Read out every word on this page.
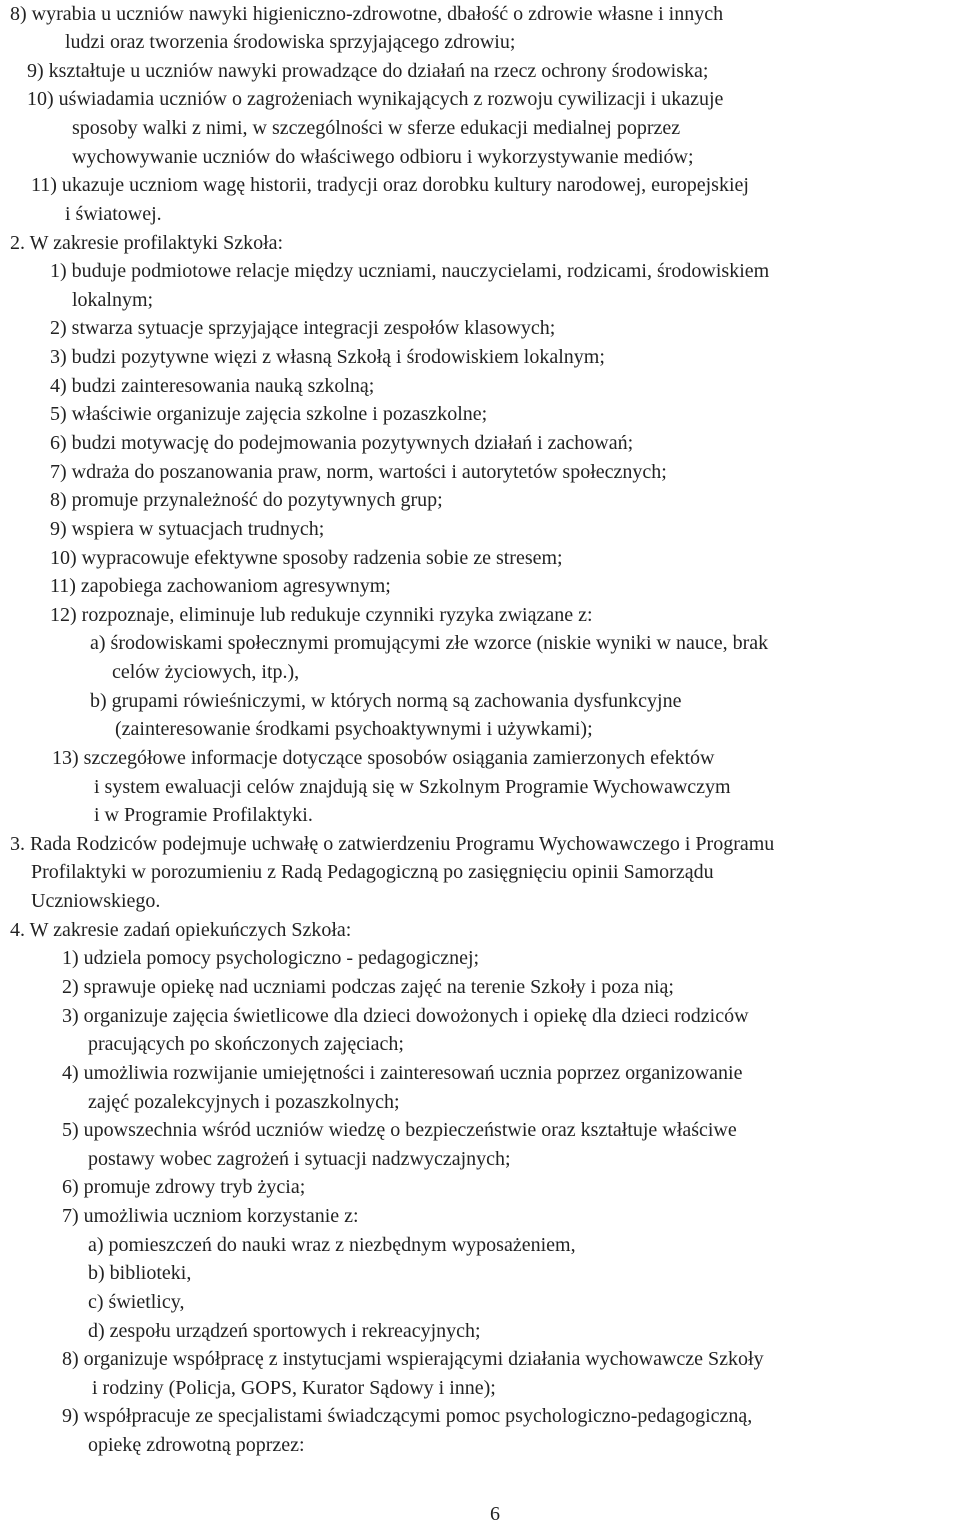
8) wyrabia u uczniów nawyki higieniczno-zdrowotne, dbałość o zdrowie własne i innych

ludzi oraz tworzenia środowiska sprzyjającego zdrowiu;

9) kształtuje u uczniów nawyki prowadzące do działań na rzecz ochrony środowiska;

10) uświadamia uczniów o zagrożeniach wynikających z rozwoju cywilizacji i ukazuje

sposoby walki z nimi, w szczególności w sferze edukacji medialnej poprzez

wychowywanie uczniów do właściwego odbioru i wykorzystywanie mediów;

11) ukazuje uczniom wagę historii, tradycji oraz dorobku kultury narodowej, europejskiej

i światowej.

2. W zakresie profilaktyki Szkoła:

1) buduje podmiotowe relacje między uczniami, nauczycielami, rodzicami, środowiskiem

lokalnym;

2) stwarza sytuacje sprzyjające integracji zespołów klasowych;

3) budzi pozytywne więzi z własną Szkołą i środowiskiem lokalnym;

4) budzi zainteresowania nauką szkolną;

5) właściwie organizuje zajęcia szkolne i pozaszkolne;

6) budzi motywację do podejmowania pozytywnych działań i zachowań;

7) wdraża do poszanowania praw, norm, wartości i autorytetów społecznych;

8) promuje przynależność do pozytywnych grup;

9) wspiera w sytuacjach trudnych;

10) wypracowuje efektywne sposoby radzenia sobie ze stresem;

11) zapobiega zachowaniom agresywnym;

12) rozpoznaje, eliminuje lub redukuje czynniki ryzyka związane z:

a) środowiskami społecznymi promującymi złe wzorce (niskie wyniki w nauce, brak

celów życiowych, itp.),

b) grupami rówieśniczymi, w których normą są zachowania dysfunkcyjne

(zainteresowanie środkami psychoaktywnymi i używkami);

13) szczegółowe informacje dotyczące sposobów osiągania zamierzonych efektów

i system ewaluacji celów znajdują się w Szkolnym Programie Wychowawczym

i w Programie Profilaktyki.

3. Rada Rodziców podejmuje uchwałę o zatwierdzeniu Programu Wychowawczego i Programu

Profilaktyki w porozumieniu z Radą Pedagogiczną po zasięgnięciu opinii Samorządu

Uczniowskiego.

4. W zakresie zadań opiekuńczych Szkoła:

1) udziela pomocy psychologiczno - pedagogicznej;

2) sprawuje opiekę nad uczniami podczas zajęć na terenie Szkoły i poza nią;

3) organizuje zajęcia świetlicowe dla dzieci dowożonych i opiekę dla dzieci rodziców

pracujących po skończonych zajęciach;

4) umożliwia rozwijanie umiejętności i zainteresowań ucznia poprzez organizowanie

zajęć pozalekcyjnych i pozaszkolnych;

5) upowszechnia wśród uczniów wiedzę o bezpieczeństwie oraz kształtuje właściwe

postawy wobec zagrożeń i sytuacji nadzwyczajnych;

6) promuje zdrowy tryb życia;

7) umożliwia uczniom korzystanie z:

a) pomieszczeń do nauki wraz z niezbędnym wyposażeniem,

b) biblioteki,

c) świetlicy,

d) zespołu urządzeń sportowych i rekreacyjnych;

8) organizuje współpracę z instytucjami wspierającymi działania wychowawcze Szkoły

i rodziny (Policja, GOPS, Kurator Sądowy i inne);

9) współpracuje ze specjalistami świadczącymi pomoc psychologiczno-pedagogiczną,

opiekę zdrowotną poprzez:

6
